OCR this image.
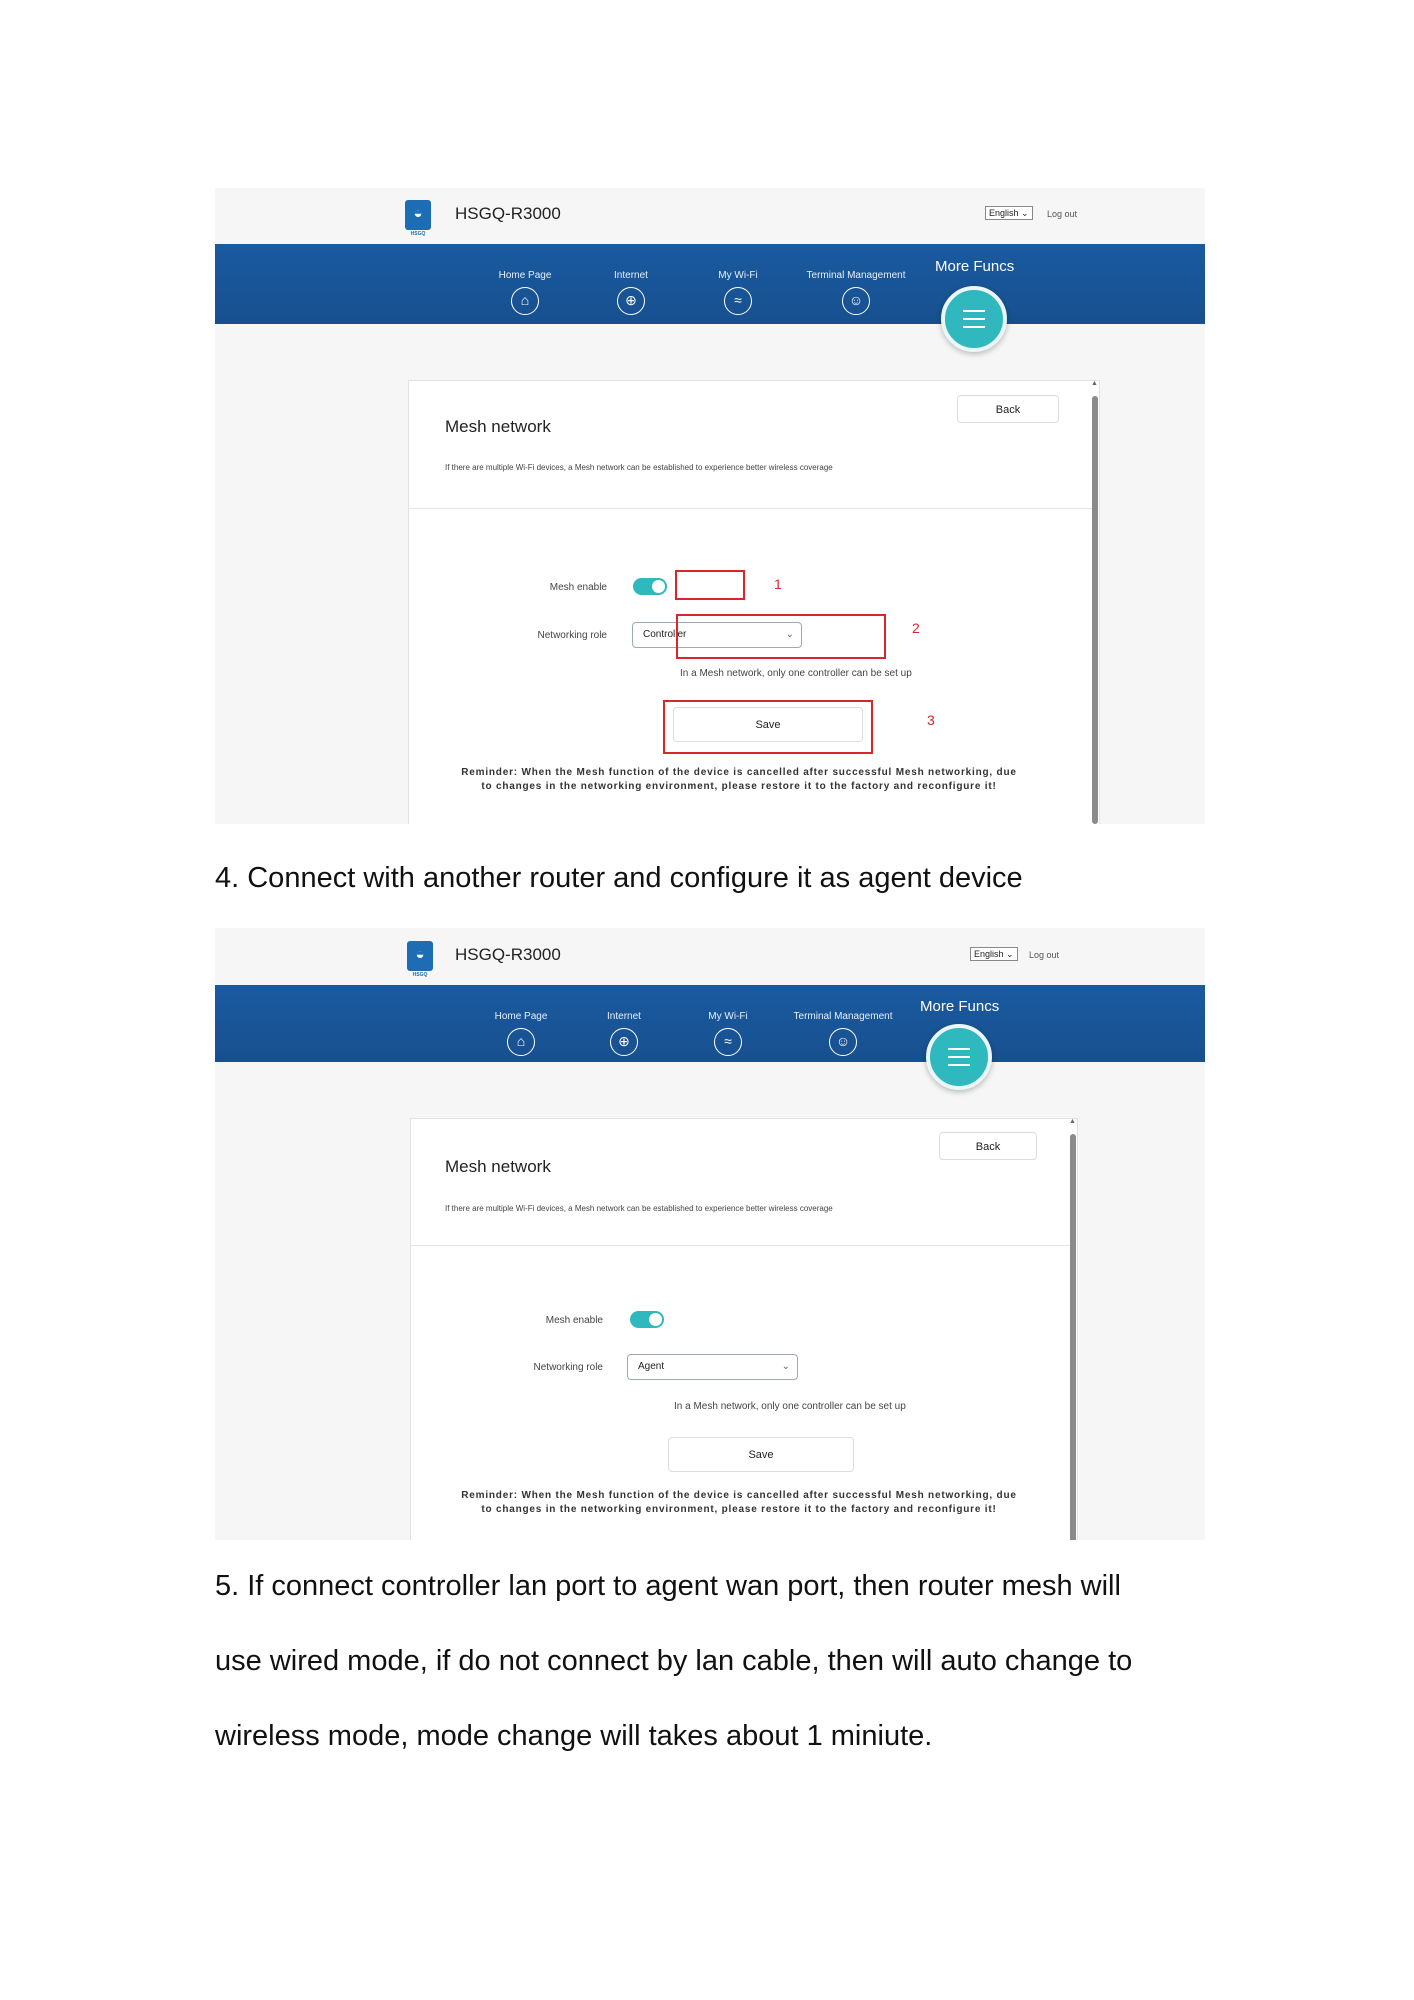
◒
HSGQ HSGQ-R3000	English ⌄	Log out
Home Page
⌂
Internet
⊕
My Wi-Fi
≈
Terminal Management
☺
More Funcs
Mesh network
If there are multiple Wi-Fi devices, a Mesh network can be established to experience better wireless coverage
Back
Mesh enable
Networking role	Controller	⌄
In a Mesh network, only one controller can be set up
Save
Reminder: When the Mesh function of the device is cancelled after successful Mesh networking, due to changes in the networking environment, please restore it to the factory and reconfigure it!
▲
1
2
3
4. Connect with another router and configure it as agent device
◒
HSGQ HSGQ-R3000	English ⌄	Log out
Home Page
⌂
Internet
⊕
My Wi-Fi
≈
Terminal Management
☺
More Funcs
Mesh network
If there are multiple Wi-Fi devices, a Mesh network can be established to experience better wireless coverage
Back
Mesh enable
Networking role	Agent	⌄
In a Mesh network, only one controller can be set up
Save
Reminder: When the Mesh function of the device is cancelled after successful Mesh networking, due to changes in the networking environment, please restore it to the factory and reconfigure it!
▲
5. If connect controller lan port to agent wan port, then router mesh will
use wired mode, if do not connect by lan cable, then will auto change to
wireless mode, mode change will takes about 1 miniute.
